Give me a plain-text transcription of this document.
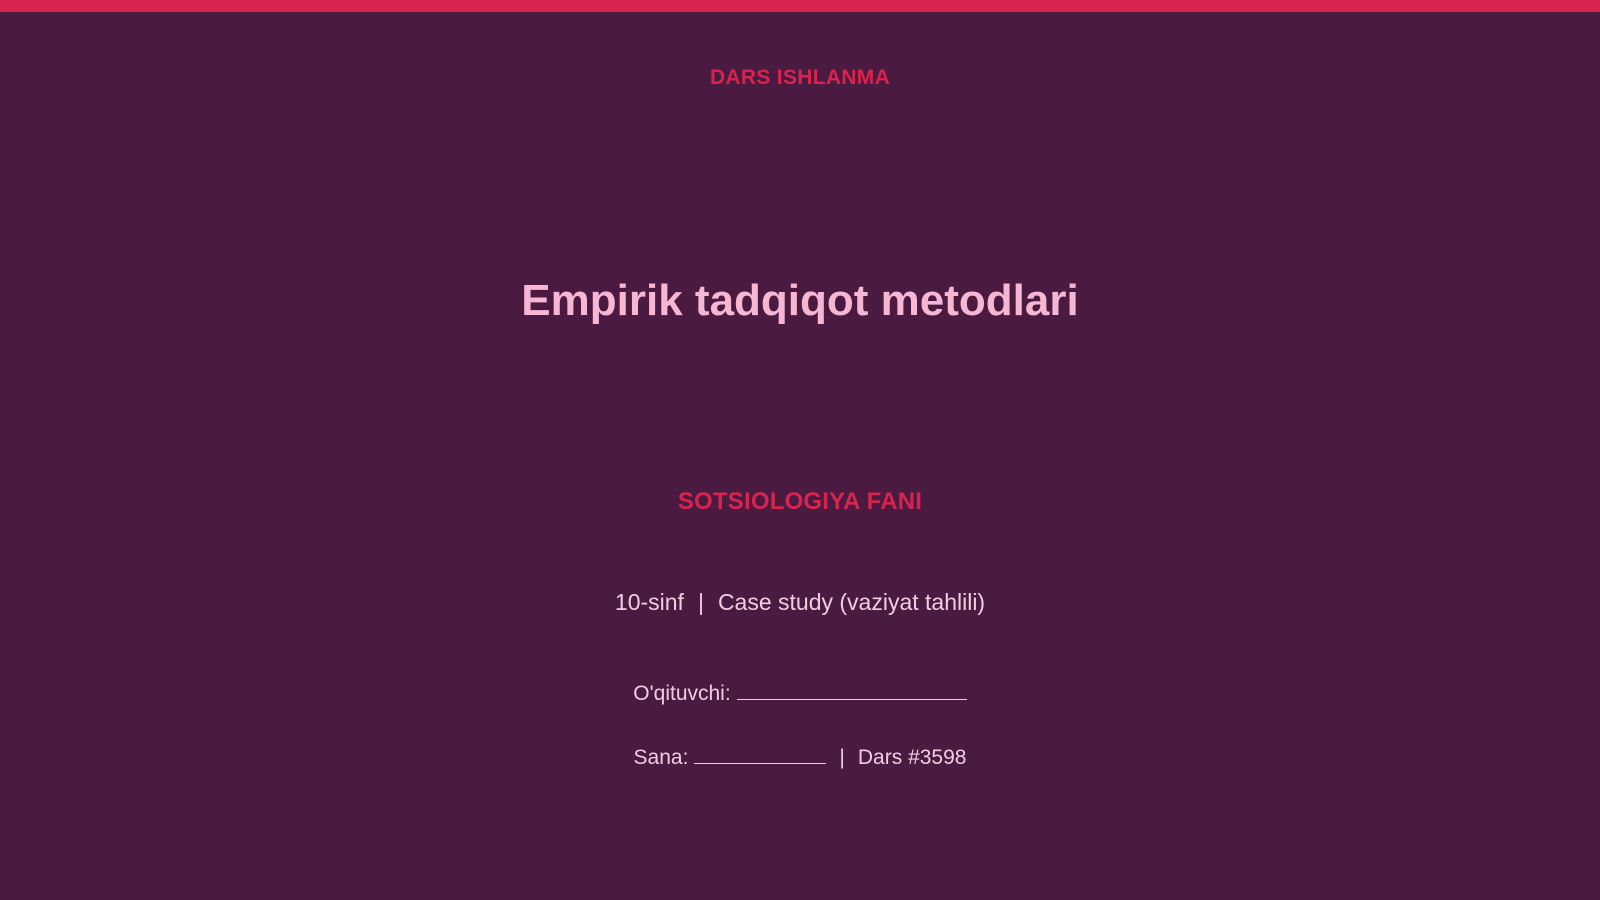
DARS ISHLANMA
Empirik tadqiqot metodlari
SOTSIOLOGIYA FANI
10-sinf | Case study (vaziyat tahlili)
O'qituvchi:
Sana:	| Dars #3598
